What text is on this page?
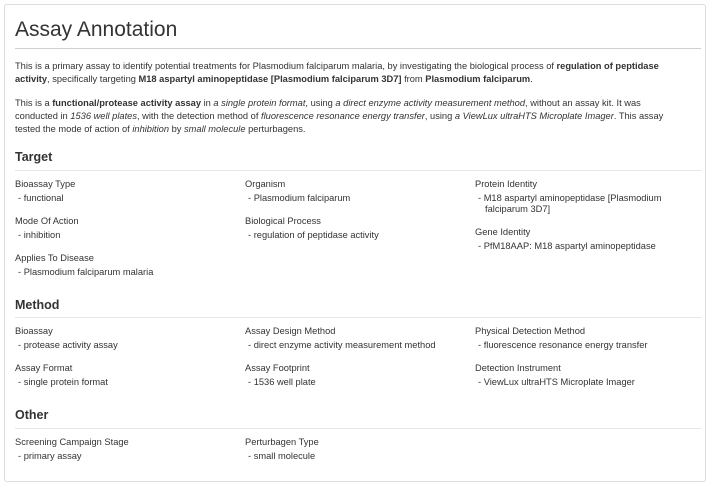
Assay Annotation

This is a primary assay to identify potential treatments for Plasmodium falciparum malaria, by investigating the biological process of regulation of peptidase activity, specifically targeting M18 aspartyl aminopeptidase [Plasmodium falciparum 3D7] from Plasmodium falciparum.

This is a functional/protease activity assay in a single protein format, using a direct enzyme activity measurement method, without an assay kit. It was conducted in 1536 well plates, with the detection method of fluorescence resonance energy transfer, using a ViewLux ultraHTS Microplate Imager. This assay tested the mode of action of inhibition by small molecule perturbagens.

Target
Bioassay Type
- functional
Mode Of Action
- inhibition
Applies To Disease
- Plasmodium falciparum malaria
Organism
- Plasmodium falciparum
Biological Process
- regulation of peptidase activity
Protein Identity
- M18 aspartyl aminopeptidase [Plasmodium falciparum 3D7]
Gene Identity
- PfM18AAP: M18 aspartyl aminopeptidase
Method
Bioassay
- protease activity assay
Assay Format
- single protein format
Assay Design Method
- direct enzyme activity measurement method
Assay Footprint
- 1536 well plate
Physical Detection Method
- fluorescence resonance energy transfer
Detection Instrument
- ViewLux ultraHTS Microplate Imager
Other
Screening Campaign Stage
- primary assay
Perturbagen Type
- small molecule
